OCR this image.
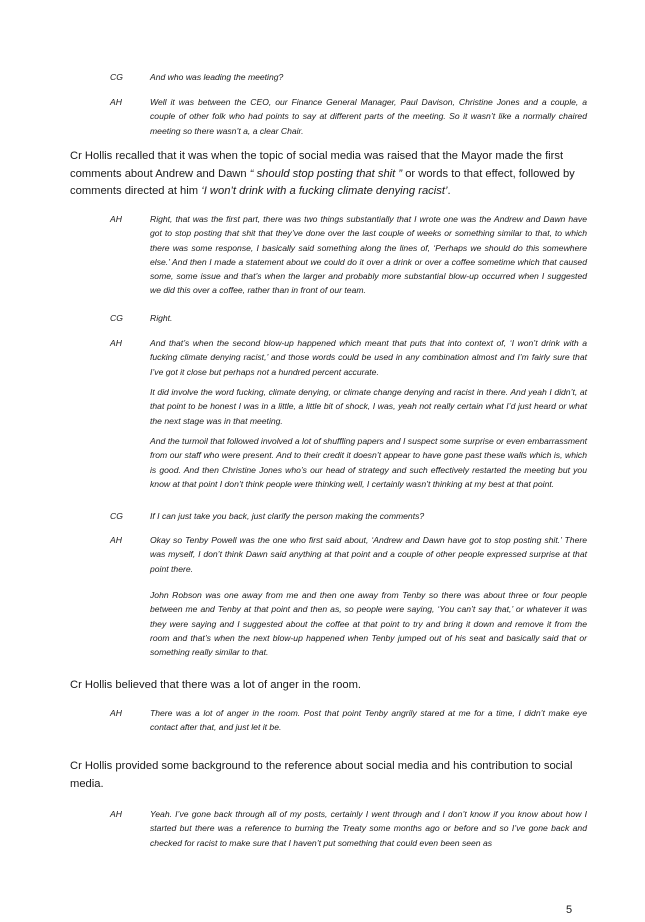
CG	And who was leading the meeting?

AH	Well it was between the CEO, our Finance General Manager, Paul Davison, Christine Jones and a couple, a couple of other folk who had points to say at different parts of the meeting. So it wasn’t like a normally chaired meeting so there wasn’t a, a clear Chair.

Cr Hollis recalled that it was when the topic of social media was raised that the Mayor made the first comments about Andrew and Dawn “ should stop posting that shit ” or words to that effect, followed by comments directed at him ‘I won’t drink with a fucking climate denying racist’.
AH	Right, that was the first part, there was two things substantially that I wrote one was the Andrew and Dawn have got to stop posting that shit that they’ve done over the last couple of weeks or something similar to that, to which there was some response, I basically said something along the lines of, ‘Perhaps we should do this somewhere else.’ And then I made a statement about we could do it over a drink or over a coffee sometime which that caused some, some issue and that’s when the larger and probably more substantial blow-up occurred when I suggested we did this over a coffee, rather than in front of our team.

CG	Right.

AH	And that’s when the second blow-up happened which meant that puts that into context of, ‘I won’t drink with a fucking climate denying racist,’ and those words could be used in any combination almost and I’m fairly sure that I’ve got it close but perhaps not a hundred percent accurate.

It did involve the word fucking, climate denying, or climate change denying and racist in there. And yeah I didn’t, at that point to be honest I was in a little, a little bit of shock, I was, yeah not really certain what I’d just heard or what the next stage was in that meeting.

And the turmoil that followed involved a lot of shuffling papers and I suspect some surprise or even embarrassment from our staff who were present. And to their credit it doesn’t appear to have gone past these walls which is, which is good. And then Christine Jones who’s our head of strategy and such effectively restarted the meeting but you know at that point I don’t think people were thinking well, I certainly wasn’t thinking at my best at that point.

CG	If I can just take you back, just clarify the person making the comments?

AH	Okay so Tenby Powell was the one who first said about, ‘Andrew and Dawn have got to stop posting shit.’ There was myself, I don’t think Dawn said anything at that point and a couple of other people expressed surprise at that point there.

John Robson was one away from me and then one away from Tenby so there was about three or four people between me and Tenby at that point and then as, so people were saying, ‘You can’t say that,’ or whatever it was they were saying and I suggested about the coffee at that point to try and bring it down and remove it from the room and that’s when the next blow-up happened when Tenby jumped out of his seat and basically said that or something really similar to that.

Cr Hollis believed that there was a lot of anger in the room.
AH	There was a lot of anger in the room. Post that point Tenby angrily stared at me for a time, I didn’t make eye contact after that, and just let it be.

Cr Hollis provided some background to the reference about social media and his contribution to social media.
AH	Yeah. I’ve gone back through all of my posts, certainly I went through and I don’t know if you know about how I started but there was a reference to burning the Treaty some months ago or before and so I’ve gone back and checked for racist to make sure that I haven’t put something that could even been seen as

5
